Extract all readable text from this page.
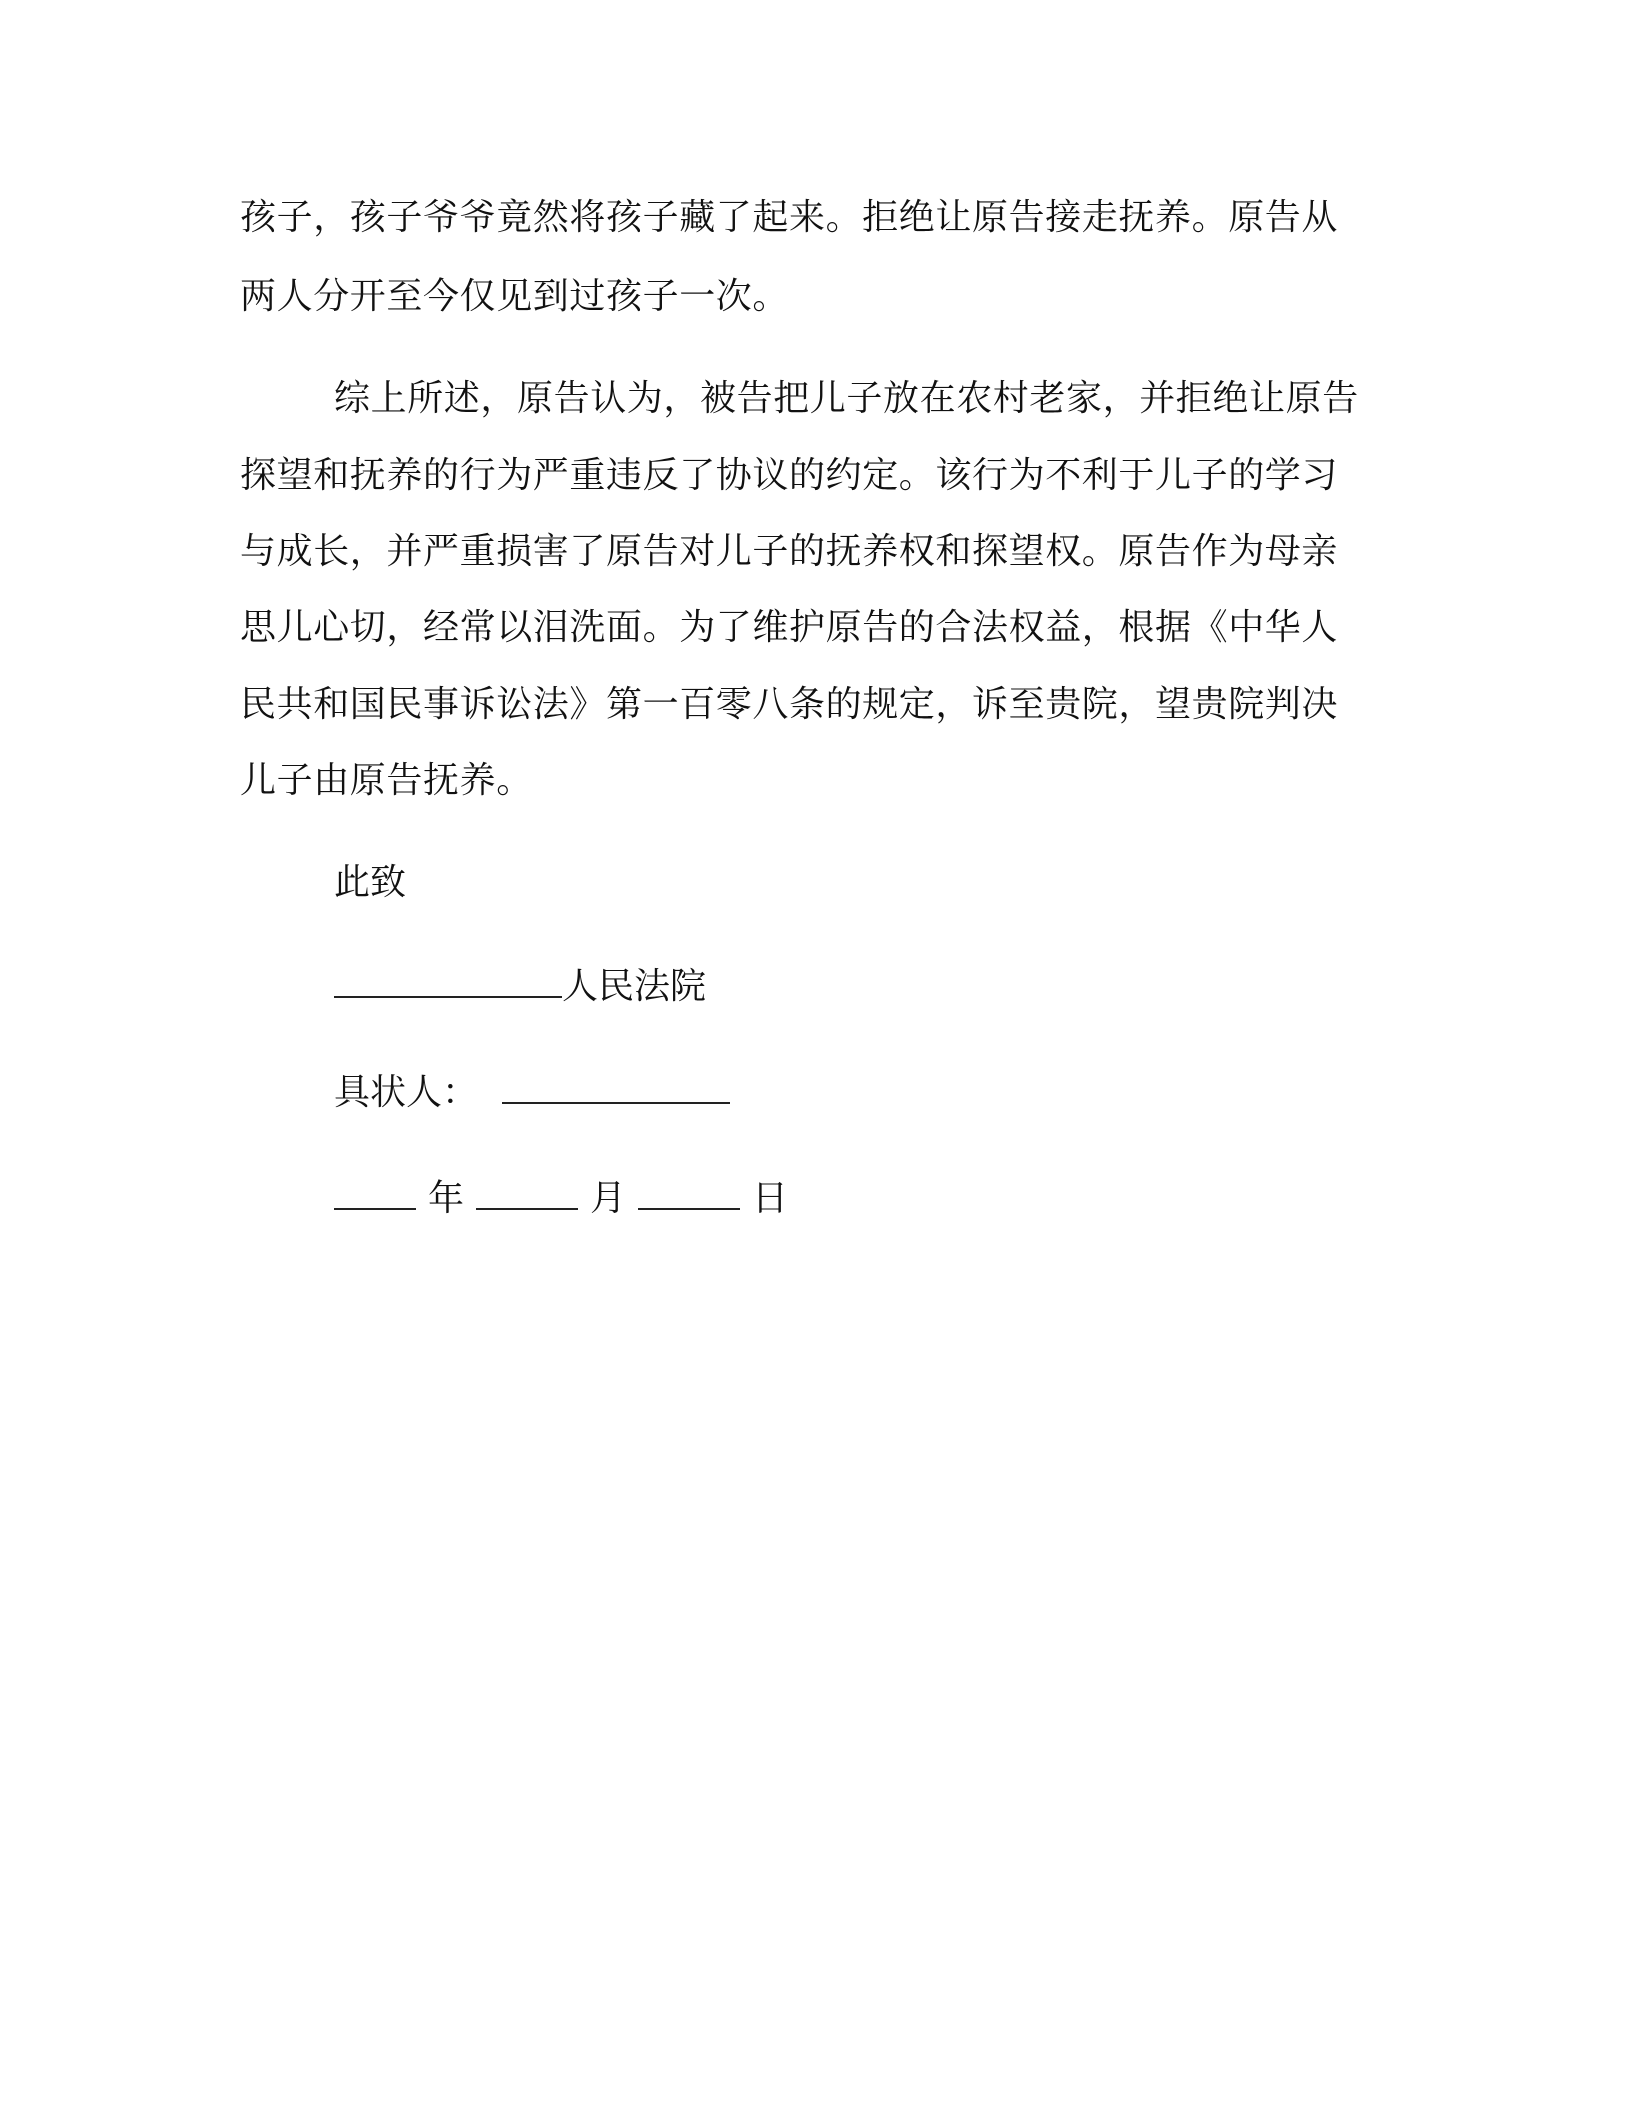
孩子，孩子爷爷竟然将孩子藏了起来。拒绝让原告接走抚养。原告从
两人分开至今仅见到过孩子一次。
综上所述，原告认为，被告把儿子放在农村老家，并拒绝让原告
探望和抚养的行为严重违反了协议的约定。该行为不利于儿子的学习
与成长，并严重损害了原告对儿子的抚养权和探望权。原告作为母亲
思儿心切，经常以泪洗面。为了维护原告的合法权益，根据《中华人
民共和国民事诉讼法》第一百零八条的规定，诉至贵院，望贵院判决
儿子由原告抚养。
此致
人民法院
具状人：
年	月	日
